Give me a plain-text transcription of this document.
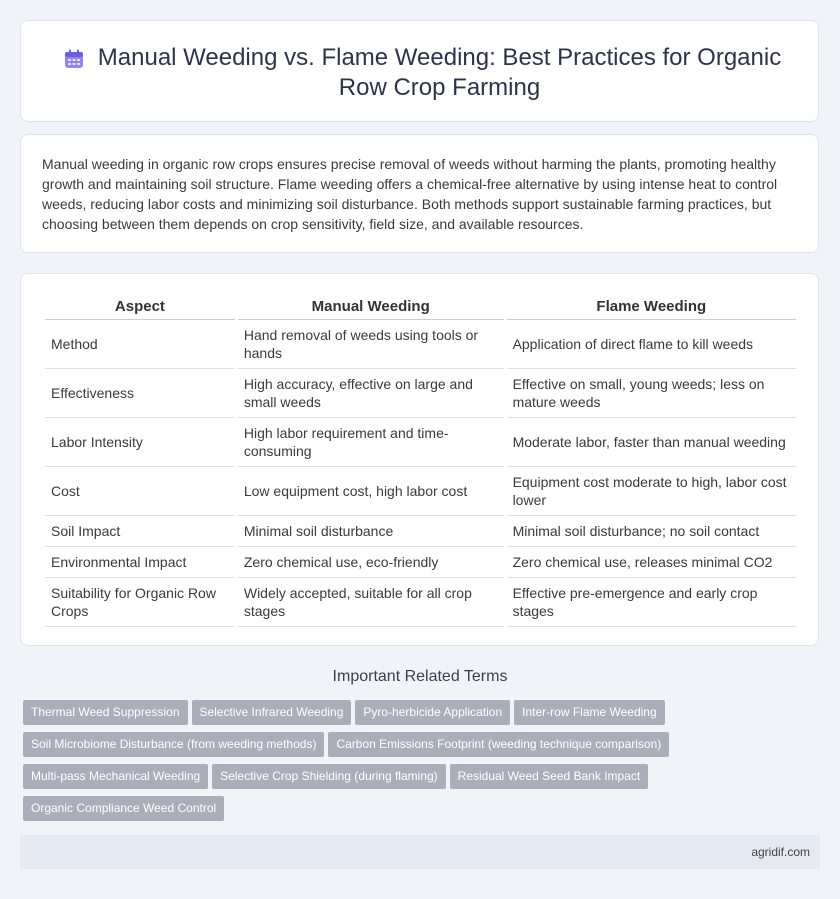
Manual Weeding vs. Flame Weeding: Best Practices for Organic Row Crop Farming

Manual weeding in organic row crops ensures precise removal of weeds without harming the plants, promoting healthy growth and maintaining soil structure. Flame weeding offers a chemical-free alternative by using intense heat to control weeds, reducing labor costs and minimizing soil disturbance. Both methods support sustainable farming practices, but choosing between them depends on crop sensitivity, field size, and available resources.

Aspect	Manual Weeding	Flame Weeding
Method	Hand removal of weeds using tools or hands	Application of direct flame to kill weeds
Effectiveness	High accuracy, effective on large and small weeds	Effective on small, young weeds; less on mature weeds
Labor Intensity	High labor requirement and time-consuming	Moderate labor, faster than manual weeding
Cost	Low equipment cost, high labor cost	Equipment cost moderate to high, labor cost lower
Soil Impact	Minimal soil disturbance	Minimal soil disturbance; no soil contact
Environmental Impact	Zero chemical use, eco-friendly	Zero chemical use, releases minimal CO2
Suitability for Organic Row Crops	Widely accepted, suitable for all crop stages	Effective pre-emergence and early crop stages
Important Related Terms
Thermal Weed Suppression Selective Infrared Weeding Pyro-herbicide Application Inter-row Flame Weeding
Soil Microbiome Disturbance (from weeding methods) Carbon Emissions Footprint (weeding technique comparison)
Multi-pass Mechanical Weeding Selective Crop Shielding (during flaming) Residual Weed Seed Bank Impact
Organic Compliance Weed Control
agridif.com
